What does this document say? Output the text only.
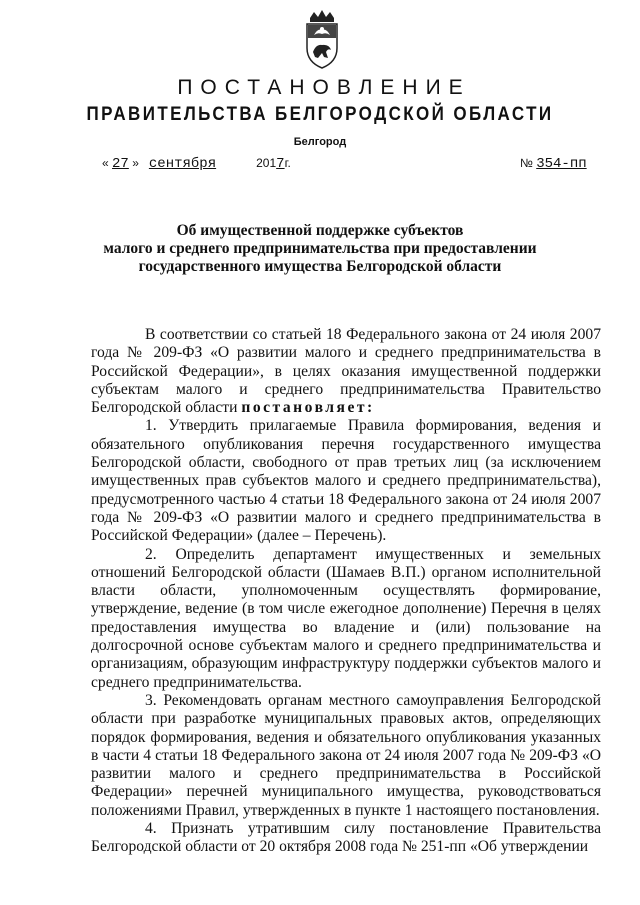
ПОСТАНОВЛЕНИЕ
ПРАВИТЕЛЬСТВА БЕЛГОРОДСКОЙ ОБЛАСТИ
Белгород
« 27 » сентября	2017г.	№ 354-пп
Об имущественной поддержке субъектов
малого и среднего предпринимательства при предоставлении
государственного имущества Белгородской области

В соответствии со статьей 18 Федерального закона от 24 июля 2007 года № 209-ФЗ «О развитии малого и среднего предпринимательства в Российской Федерации», в целях оказания имущественной поддержки субъектам малого и среднего предпринимательства Правительство Белгородской области постановляет:

1. Утвердить прилагаемые Правила формирования, ведения и обязательного опубликования перечня государственного имущества Белгородской области, свободного от прав третьих лиц (за исключением имущественных прав субъектов малого и среднего предпринимательства), предусмотренного частью 4 статьи 18 Федерального закона от 24 июля 2007 года № 209-ФЗ «О развитии малого и среднего предпринимательства в Российской Федерации» (далее – Перечень).

2. Определить департамент имущественных и земельных отношений Белгородской области (Шамаев В.П.) органом исполнительной власти области, уполномоченным осуществлять формирование, утверждение, ведение (в том числе ежегодное дополнение) Перечня в целях предоставления имущества во владение и (или) пользование на долгосрочной основе субъектам малого и среднего предпринимательства и организациям, образующим инфраструктуру поддержки субъектов малого и среднего предпринимательства.

3. Рекомендовать органам местного самоуправления Белгородской области при разработке муниципальных правовых актов, определяющих порядок формирования, ведения и обязательного опубликования указанных в части 4 статьи 18 Федерального закона от 24 июля 2007 года № 209-ФЗ «О развитии малого и среднего предпринимательства в Российской Федерации» перечней муниципального имущества, руководствоваться положениями Правил, утвержденных в пункте 1 настоящего постановления.

4. Признать утратившим силу постановление Правительства Белгородской области от 20 октября 2008 года № 251-пп «Об утверждении
